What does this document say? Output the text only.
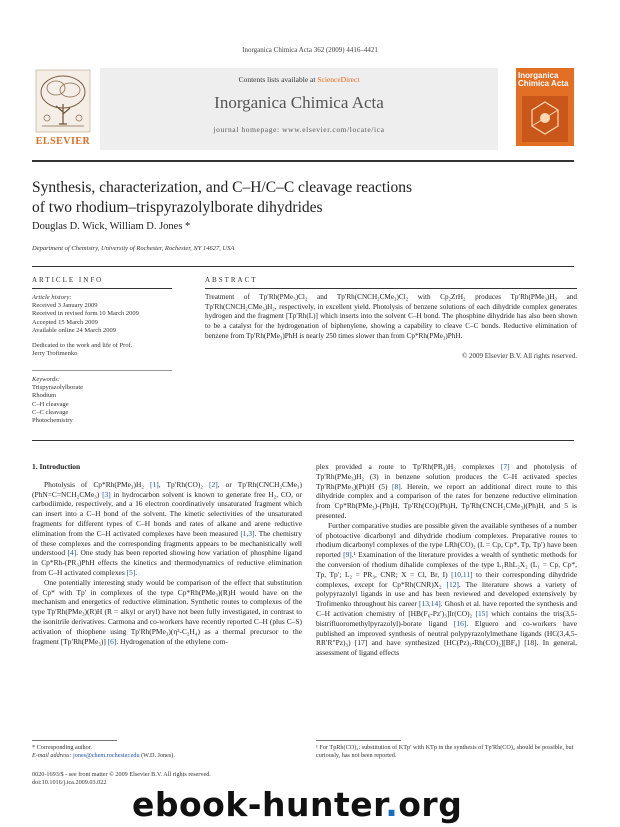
Inorganica Chimica Acta 362 (2009) 4416–4421
ELSEVIER
Contents lists available at ScienceDirect
Inorganica Chimica Acta
journal homepage: www.elsevier.com/locate/ica
Inorganica
Chimica Acta
Synthesis, characterization, and C–H/C–C cleavage reactions
of two rhodium–trispyrazolylborate dihydrides
Douglas D. Wick, William D. Jones *
Department of Chemistry, University of Rochester, Rochester, NY 14627, USA
ARTICLE INFO
Article history:
Received 3 January 2009
Received in revised form 10 March 2009
Accepted 15 March 2009
Available online 24 March 2009
Dedicated to the work and life of Prof.
Jerry Trofimenko
Keywords:
Trispyrazolylborate
Rhodium
C–H cleavage
C–C cleavage
Photochemistry
ABSTRACT
Treatment of Tp′Rh(PMe₃)Cl₂ and Tp′Rh(CNCH₂CMe₃)Cl₂ with Cp₂ZrH₂ produces Tp′Rh(PMe₃)H₂ and Tp′Rh(CNCH₂CMe₃)H₂, respectively, in excellent yield. Photolysis of benzene solutions of each dihydride complex generates hydrogen and the fragment [Tp′Rh(L)] which inserts into the solvent C–H bond. The phosphine dihydride has also been shown to be a catalyst for the hydrogenation of biphenylene, showing a capability to cleave C–C bonds. Reductive elimination of benzene from Tp′Rh(PMe₃)PhH is nearly 250 times slower than from Cp*Rh(PMe₃)PhH.
© 2009 Elsevier B.V. All rights reserved.
1. Introduction

Photolysis of Cp*Rh(PMe₃)H₂ [1], Tp′Rh(CO)₂ [2], or Tp′Rh(CNCH₂CMe₃)(PhN=C=NCH₂CMe₃) [3] in hydrocarbon solvent is known to generate free H₂, CO, or carbodiimide, respectively, and a 16 electron coordinatively unsaturated fragment which can insert into a C–H bond of the solvent. The kinetic selectivities of the unsaturated fragments for different types of C–H bonds and rates of alkane and arene reductive elimination from the C–H activated complexes have been measured [1,3]. The chemistry of these complexes and the corresponding fragments appears to be mechanistically well understood [4]. One study has been reported showing how variation of phosphine ligand in Cp*Rh-(PR₃)PhH effects the kinetics and thermodynamics of reductive elimination from C–H activated complexes [5].

One potentially interesting study would be comparison of the effect that substitution of Cp* with Tp′ in complexes of the type Cp*Rh(PMe₃)(R)H would have on the mechanism and energetics of reductive elimination. Synthetic routes to complexes of the type Tp′Rh(PMe₃)(R)H (R = alkyl or aryl) have not been fully investigated, in contrast to the isonitrile derivatives. Carmona and co-workers have recently reported C–H (plus C–S) activation of thiophene using Tp′Rh(PMe₃)(η²-C₂H₄) as a thermal precursor to the fragment [Tp′Rh(PMe₃)] [6]. Hydrogenation of the ethylene com-

plex provided a route to Tp′Rh(PR₃)H₂ complexes [7] and photolysis of Tp′Rh(PMe₃)H₂ (3) in benzene solution produces the C–H activated species Tp′Rh(PMe₃)(Ph)H (5) [8]. Herein, we report an additional direct route to this dihydride complex and a comparison of the rates for benzene reductive elimination from Cp*Rh(PMe₃)-(Ph)H, Tp′Rh(CO)(Ph)H, Tp′Rh(CNCH₂CMe₃)(Ph)H, and 5 is presented.

Further comparative studies are possible given the available syntheses of a number of photoactive dicarbonyl and dihydride rhodium complexes. Preparative routes to rhodium dicarbonyl complexes of the type LRh(CO)₂ (L = Cp, Cp*, Tp, Tp′) have been reported [9].¹ Examination of the literature provides a wealth of synthetic methods for the conversion of rhodium dihalide complexes of the type L₁RhL₂X₂ (L₁ = Cp, Cp*, Tp, Tp′; L₂ = PR₃, CNR; X = Cl, Br, I) [10,11] to their corresponding dihydride complexes, except for Cp*Rh(CNR)X₂ [12]. The literature shows a variety of polypyrazolyl ligands in use and has been reviewed and developed extensively by Trofimenko throughout his career [13,14]. Ghosh et al. have reported the synthesis and C–H activation chemistry of [HB(F₆-Pz′)₃]Ir(CO)₂ [15] which contains the tris(3,5-bistrifluoromethylpyrazolyl)-borate ligand [16]. Elguero and co-workers have published an improved synthesis of neutral polypyrazolylmethane ligands (HC(3,4,5-RR′R″Pz)₃) [17] and have synthesized [HC(Pz)₃-Rh(CO)₂][BF₄] [18]. In general, assessment of ligand effects

* Corresponding author.
E-mail address: jones@chem.rochester.edu (W.D. Jones).
0020-1693/$ - see front matter © 2009 Elsevier B.V. All rights reserved.
doi:10.1016/j.ica.2009.03.022
¹ For TpRh(CO)₂: substitution of KTp′ with KTp in the synthesis of Tp′Rh(CO)₂ should be possible, but curiously, has not been reported.
ebook-hunter.org
